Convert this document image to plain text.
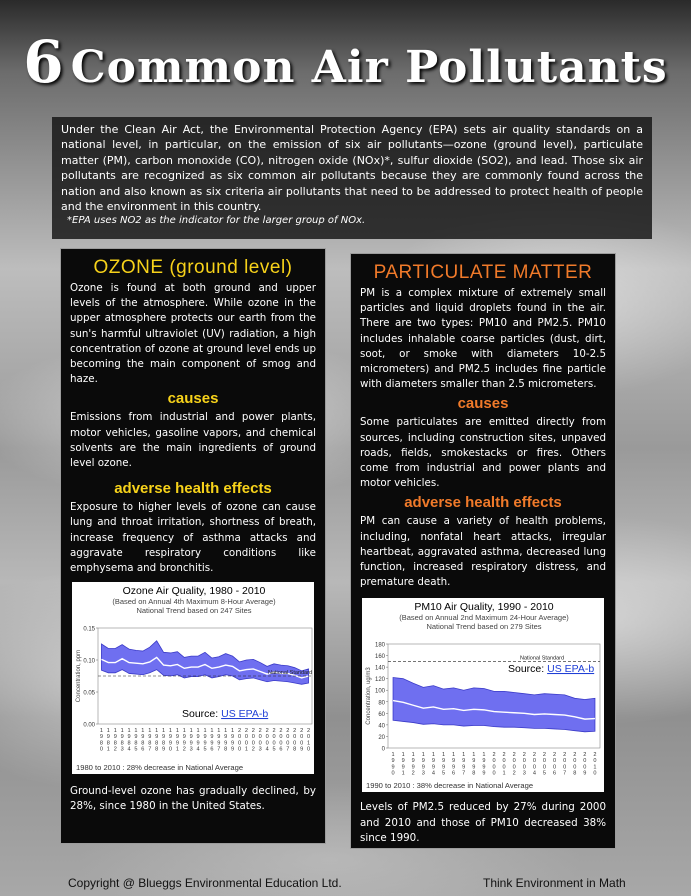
6 Common Air Pollutants

Under the Clean Air Act, the Environmental Protection Agency (EPA) sets air quality standards on a national level, in particular, on the emission of six air pollutants—ozone (ground level), particulate matter (PM), carbon monoxide (CO), nitrogen oxide (NOx)*, sulfur dioxide (SO2), and lead. Those six air pollutants are recognized as six common air pollutants because they are commonly found across the nation and also known as six criteria air pollutants that need to be addressed to protect health of people and the environment in this country.

*EPA uses NO2 as the indicator for the larger group of NOx.

OZONE (ground level)

Ozone is found at both ground and upper levels of the atmosphere. While ozone in the upper atmosphere protects our earth from the sun's harmful ultraviolet (UV) radiation, a high concentration of ozone at ground level ends up becoming the main component of smog and haze.

causes

Emissions from industrial and power plants, motor vehicles, gasoline vapors, and chemical solvents are the main ingredients of ground level ozone.

adverse health effects

Exposure to higher levels of ozone can cause lung and throat irritation, shortness of breath, increase frequency of asthma attacks and aggravate respiratory conditions like emphysema and bronchitis.

Ozone Air Quality, 1980 - 2010
(Based on Annual 4th Maximum 8-Hour Average)
National Trend based on 247 Sites
0.15
0.10
0.05
0.00
Concentration, ppm
1
9
8
0
1
9
8
1
1
9
8
2
1
9
8
3
1
9
8
4
1
9
8
5
1
9
8
6
1
9
8
7
1
9
8
8
1
9
8
9
1
9
9
0
1
9
9
1
1
9
9
2
1
9
9
3
1
9
9
4
1
9
9
5
1
9
9
6
1
9
9
7
1
9
9
8
1
9
9
9
2
0
0
0
2
0
0
1
2
0
0
2
2
0
0
3
2
0
0
4
2
0
0
5
2
0
0
6
2
0
0
7
2
0
0
8
2
0
0
9
2
0
1
0
National Standard
Source: US EPA-b
1980 to 2010 : 28% decrease in National Average

Ground-level ozone has gradually declined, by 28%, since 1980 in the United States.

PARTICULATE MATTER

PM is a complex mixture of extremely small particles and liquid droplets found in the air. There are two types: PM10 and PM2.5. PM10 includes inhalable coarse particles (dust, dirt, soot, or smoke with diameters 10-2.5 micrometers) and PM2.5 includes fine particle with diameters smaller than 2.5 micrometers.

causes

Some particulates are emitted directly from sources, including construction sites, unpaved roads, fields, smokestacks or fires. Others come from industrial and power plants and motor vehicles.

adverse health effects

PM can cause a variety of health problems, including, nonfatal heart attacks, irregular heartbeat, aggravated asthma, decreased lung function, increased respiratory distress, and premature death.

PM10 Air Quality, 1990 - 2010
(Based on Annual 2nd Maximum 24-Hour Average)
National Trend based on 279 Sites
180
160
140
120
100
80
60
40
20
0
Concentration, ug/m3
1
9
9
0
1
9
9
1
1
9
9
2
1
9
9
3
1
9
9
4
1
9
9
5
1
9
9
6
1
9
9
7
1
9
9
8
1
9
9
9
2
0
0
0
2
0
0
1
2
0
0
2
2
0
0
3
2
0
0
4
2
0
0
5
2
0
0
6
2
0
0
7
2
0
0
8
2
0
0
9
2
0
1
0
National Standard
Source: US EPA-b
1990 to 2010 : 38% decrease in National Average

Levels of PM2.5 reduced by 27% during 2000 and 2010 and those of PM10 decreased 38% since 1990.

Copyright @ Blueggs Environmental Education Ltd.	Think Environment in Math
